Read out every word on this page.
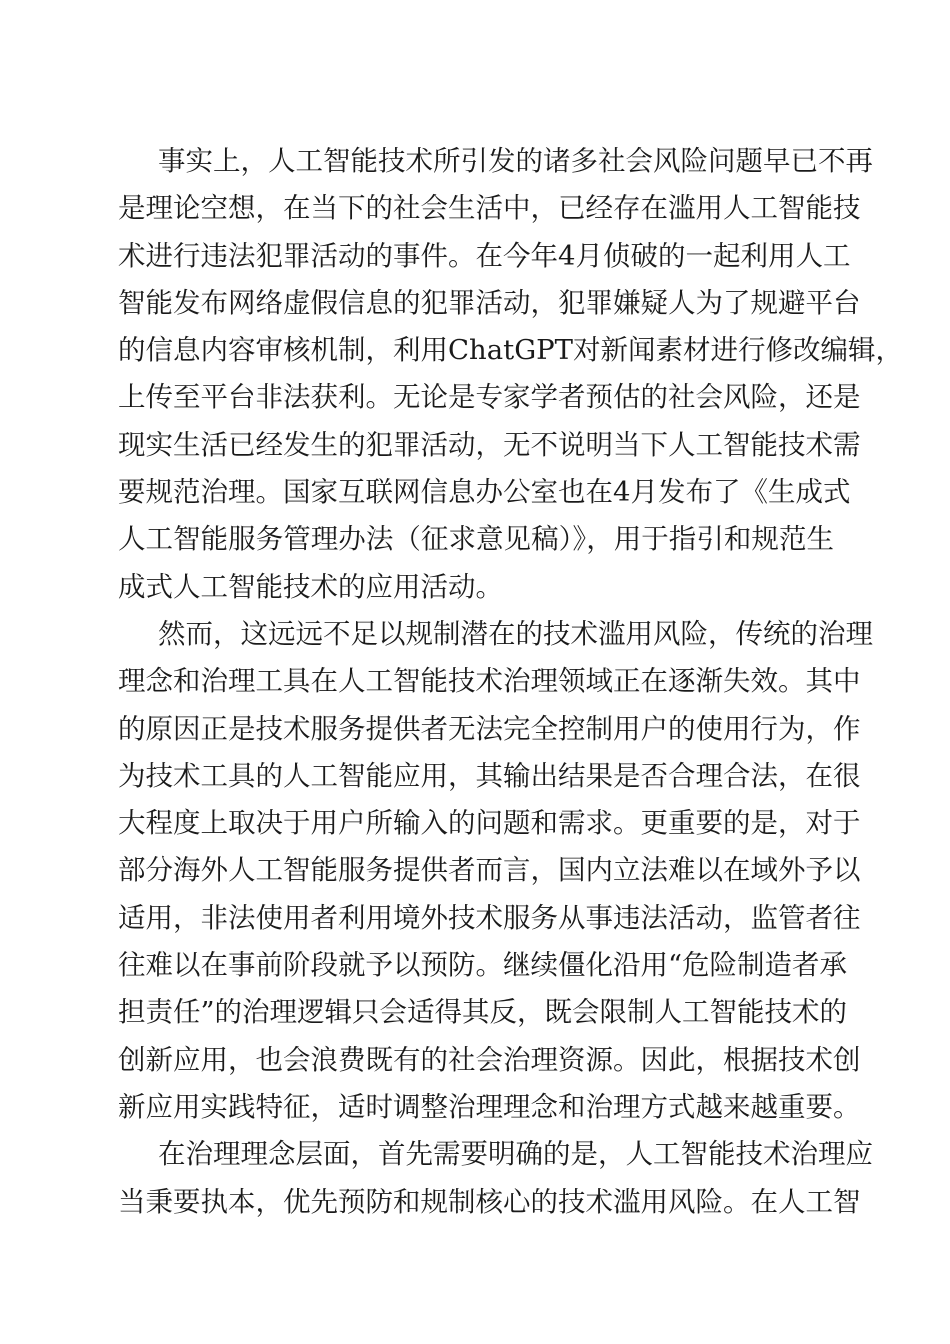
事实上，人工智能技术所引发的诸多社会风险问题早已不再
是理论空想，在当下的社会生活中，已经存在滥用人工智能技
术进行违法犯罪活动的事件。在今年4月侦破的一起利用人工
智能发布网络虚假信息的犯罪活动，犯罪嫌疑人为了规避平台
的信息内容审核机制，利用ChatGPT对新闻素材进行修改编辑，
上传至平台非法获利。无论是专家学者预估的社会风险，还是
现实生活已经发生的犯罪活动，无不说明当下人工智能技术需
要规范治理。国家互联网信息办公室也在4月发布了《生成式
人工智能服务管理办法（征求意见稿）》，用于指引和规范生
成式人工智能技术的应用活动。
然而，这远远不足以规制潜在的技术滥用风险，传统的治理
理念和治理工具在人工智能技术治理领域正在逐渐失效。其中
的原因正是技术服务提供者无法完全控制用户的使用行为，作
为技术工具的人工智能应用，其输出结果是否合理合法，在很
大程度上取决于用户所输入的问题和需求。更重要的是，对于
部分海外人工智能服务提供者而言，国内立法难以在域外予以
适用，非法使用者利用境外技术服务从事违法活动，监管者往
往难以在事前阶段就予以预防。继续僵化沿用“危险制造者承
担责任”的治理逻辑只会适得其反，既会限制人工智能技术的
创新应用，也会浪费既有的社会治理资源。因此，根据技术创
新应用实践特征，适时调整治理理念和治理方式越来越重要。
在治理理念层面，首先需要明确的是，人工智能技术治理应
当秉要执本，优先预防和规制核心的技术滥用风险。在人工智
